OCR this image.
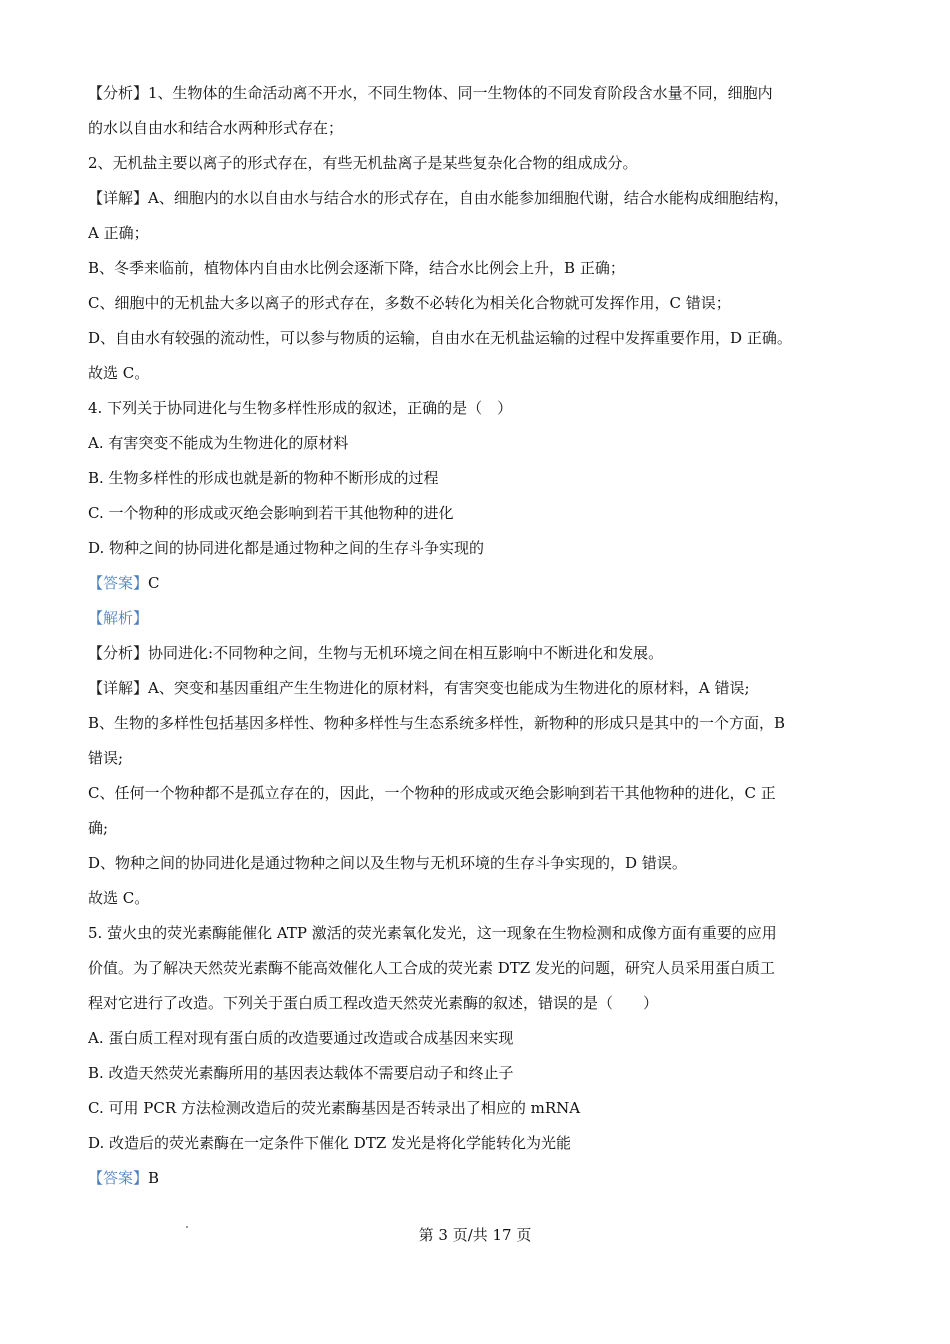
【分析】1、生物体的生命活动离不开水，不同生物体、同一生物体的不同发育阶段含水量不同，细胞内
的水以自由水和结合水两种形式存在；
2、无机盐主要以离子的形式存在，有些无机盐离子是某些复杂化合物的组成成分。
【详解】A、细胞内的水以自由水与结合水的形式存在，自由水能参加细胞代谢，结合水能构成细胞结构，
A 正确；
B、冬季来临前，植物体内自由水比例会逐渐下降，结合水比例会上升，B 正确；
C、细胞中的无机盐大多以离子的形式存在，多数不必转化为相关化合物就可发挥作用，C 错误；
D、自由水有较强的流动性，可以参与物质的运输，自由水在无机盐运输的过程中发挥重要作用，D 正确。
故选 C。
4. 下列关于协同进化与生物多样性形成的叙述，正确的是（　）
A. 有害突变不能成为生物进化的原材料
B. 生物多样性的形成也就是新的物种不断形成的过程
C. 一个物种的形成或灭绝会影响到若干其他物种的进化
D. 物种之间的协同进化都是通过物种之间的生存斗争实现的
【答案】C
【解析】
【分析】协同进化:不同物种之间，生物与无机环境之间在相互影响中不断进化和发展。
【详解】A、突变和基因重组产生生物进化的原材料，有害突变也能成为生物进化的原材料，A 错误;
B、生物的多样性包括基因多样性、物种多样性与生态系统多样性，新物种的形成只是其中的一个方面，B
错误;
C、任何一个物种都不是孤立存在的，因此，一个物种的形成或灭绝会影响到若干其他物种的进化，C 正
确;
D、物种之间的协同进化是通过物种之间以及生物与无机环境的生存斗争实现的，D 错误。
故选 C。
5. 萤火虫的荧光素酶能催化 ATP 激活的荧光素氧化发光，这一现象在生物检测和成像方面有重要的应用
价值。为了解决天然荧光素酶不能高效催化人工合成的荧光素 DTZ 发光的问题，研究人员采用蛋白质工
程对它进行了改造。下列关于蛋白质工程改造天然荧光素酶的叙述，错误的是（　　）
A. 蛋白质工程对现有蛋白质的改造要通过改造或合成基因来实现
B. 改造天然荧光素酶所用的基因表达载体不需要启动子和终止子
C. 可用 PCR 方法检测改造后的荧光素酶基因是否转录出了相应的 mRNA
D. 改造后的荧光素酶在一定条件下催化 DTZ 发光是将化学能转化为光能
【答案】B
第 3 页/共 17 页
